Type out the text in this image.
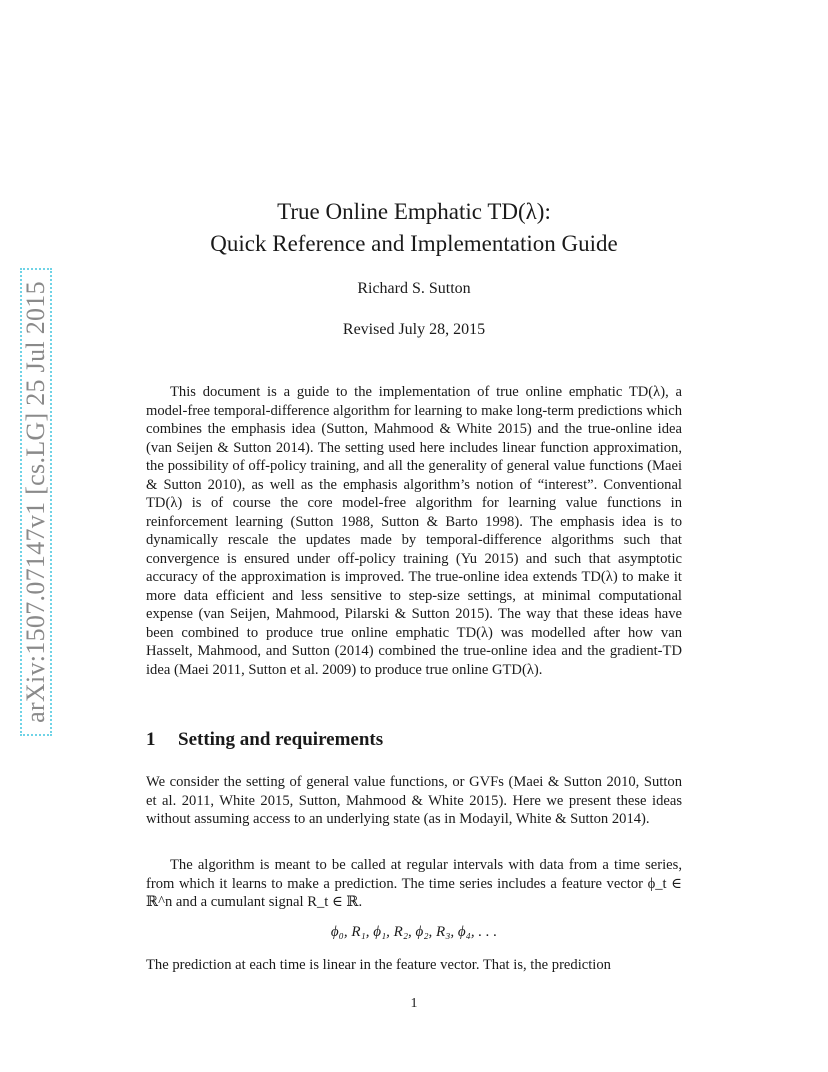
arXiv:1507.07147v1 [cs.LG] 25 Jul 2015
True Online Emphatic TD(λ):
Quick Reference and Implementation Guide
Richard S. Sutton
Revised July 28, 2015

This document is a guide to the implementation of true online emphatic TD(λ), a model-free temporal-difference algorithm for learning to make long-term predictions which combines the emphasis idea (Sutton, Mahmood & White 2015) and the true-online idea (van Seijen & Sutton 2014). The setting used here includes linear function approximation, the possibility of off-policy training, and all the generality of general value functions (Maei & Sutton 2010), as well as the emphasis algorithm’s notion of “interest”. Conventional TD(λ) is of course the core model-free algorithm for learning value functions in reinforcement learning (Sutton 1988, Sutton & Barto 1998). The emphasis idea is to dynamically rescale the updates made by temporal-difference algorithms such that convergence is ensured under off-policy training (Yu 2015) and such that asymptotic accuracy of the approximation is improved. The true-online idea extends TD(λ) to make it more data efficient and less sensitive to step-size settings, at minimal computational expense (van Seijen, Mahmood, Pilarski & Sutton 2015). The way that these ideas have been combined to produce true online emphatic TD(λ) was modelled after how van Hasselt, Mahmood, and Sutton (2014) combined the true-online idea and the gradient-TD idea (Maei 2011, Sutton et al. 2009) to produce true online GTD(λ).

1 Setting and requirements

We consider the setting of general value functions, or GVFs (Maei & Sutton 2010, Sutton et al. 2011, White 2015, Sutton, Mahmood & White 2015). Here we present these ideas without assuming access to an underlying state (as in Modayil, White & Sutton 2014).

The algorithm is meant to be called at regular intervals with data from a time series, from which it learns to make a prediction. The time series includes a feature vector ϕ_t ∈ ℝ^n and a cumulant signal R_t ∈ ℝ.

ϕ₀, R₁, ϕ₁, R₂, ϕ₂, R₃, ϕ₄, . . .

The prediction at each time is linear in the feature vector. That is, the prediction

1
